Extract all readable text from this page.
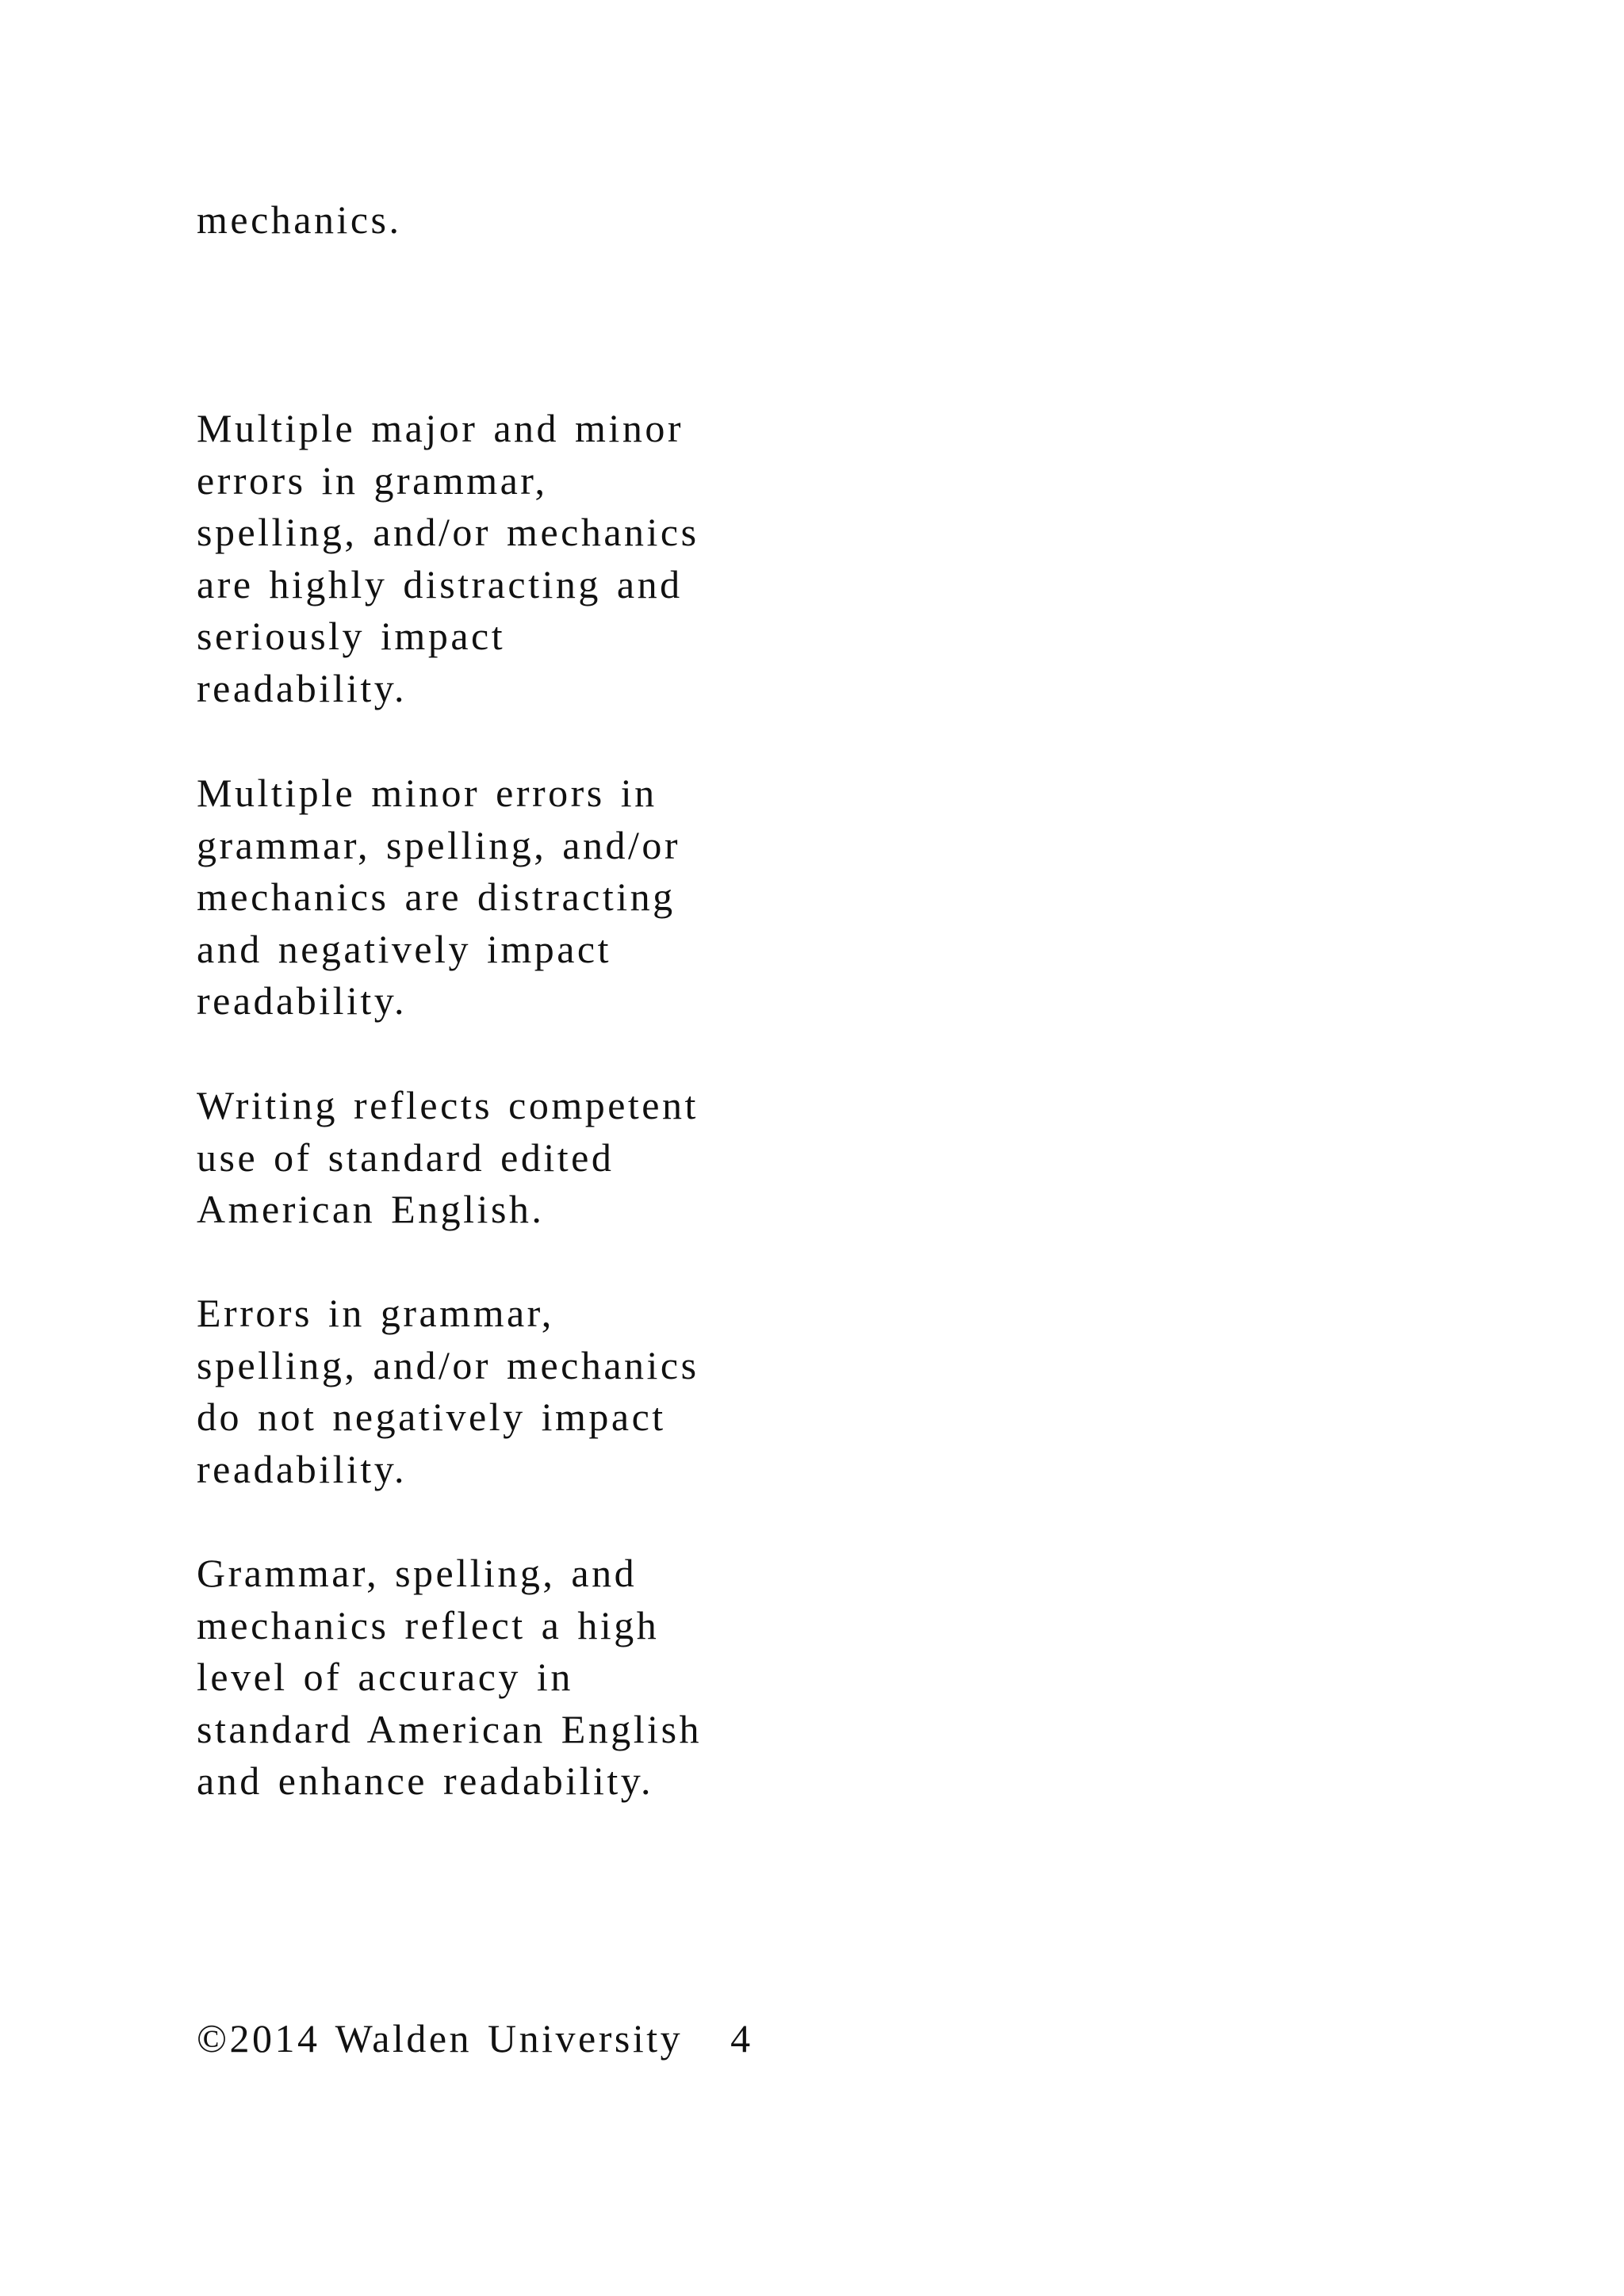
mechanics.

Multiple major and minor
errors in grammar,
spelling, and/or mechanics
are highly distracting and
seriously impact
readability.

Multiple minor errors in
grammar, spelling, and/or
mechanics are distracting
and negatively impact
readability.

Writing reflects competent
use of standard edited
American English.

Errors in grammar,
spelling, and/or mechanics
do not negatively impact
readability.

Grammar, spelling, and
mechanics reflect a high
level of accuracy in
standard American English
and enhance readability.

©2014 Walden University 4
